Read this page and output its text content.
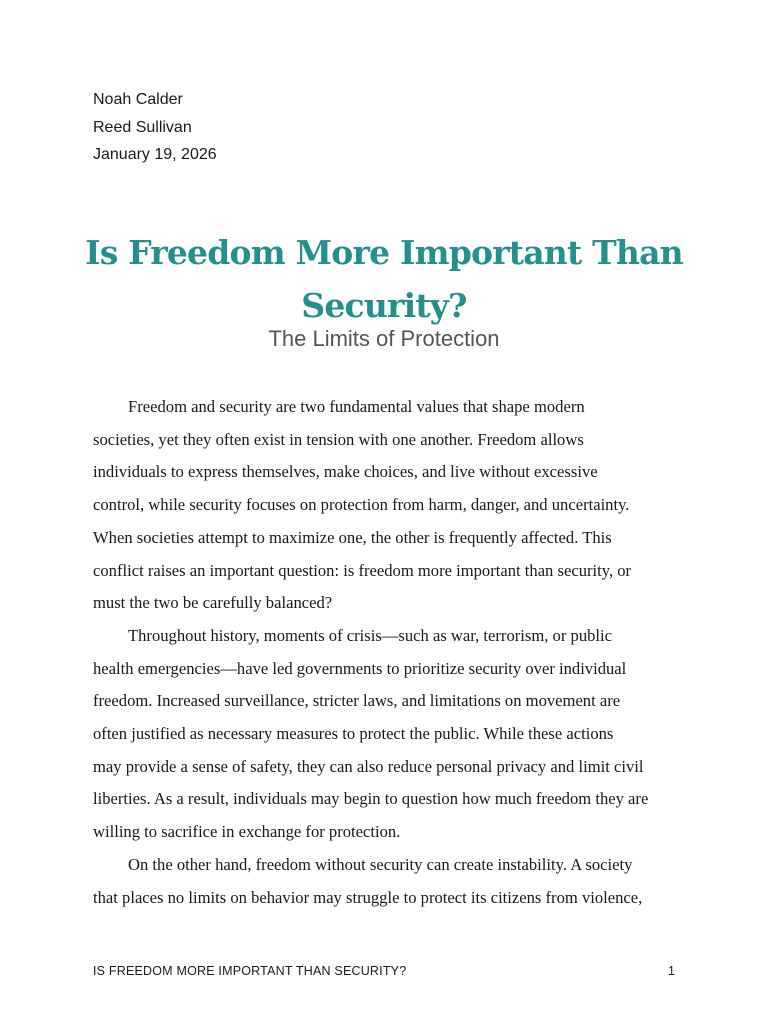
Noah Calder
Reed Sullivan
January 19, 2026
Is Freedom More Important Than
Security?
The Limits of Protection
Freedom and security are two fundamental values that shape modern
societies, yet they often exist in tension with one another. Freedom allows
individuals to express themselves, make choices, and live without excessive
control, while security focuses on protection from harm, danger, and uncertainty.
When societies attempt to maximize one, the other is frequently affected. This
conflict raises an important question: is freedom more important than security, or
must the two be carefully balanced?
Throughout history, moments of crisis—such as war, terrorism, or public
health emergencies—have led governments to prioritize security over individual
freedom. Increased surveillance, stricter laws, and limitations on movement are
often justified as necessary measures to protect the public. While these actions
may provide a sense of safety, they can also reduce personal privacy and limit civil
liberties. As a result, individuals may begin to question how much freedom they are
willing to sacrifice in exchange for protection.
On the other hand, freedom without security can create instability. A society
that places no limits on behavior may struggle to protect its citizens from violence,
IS FREEDOM MORE IMPORTANT THAN SECURITY?	1
